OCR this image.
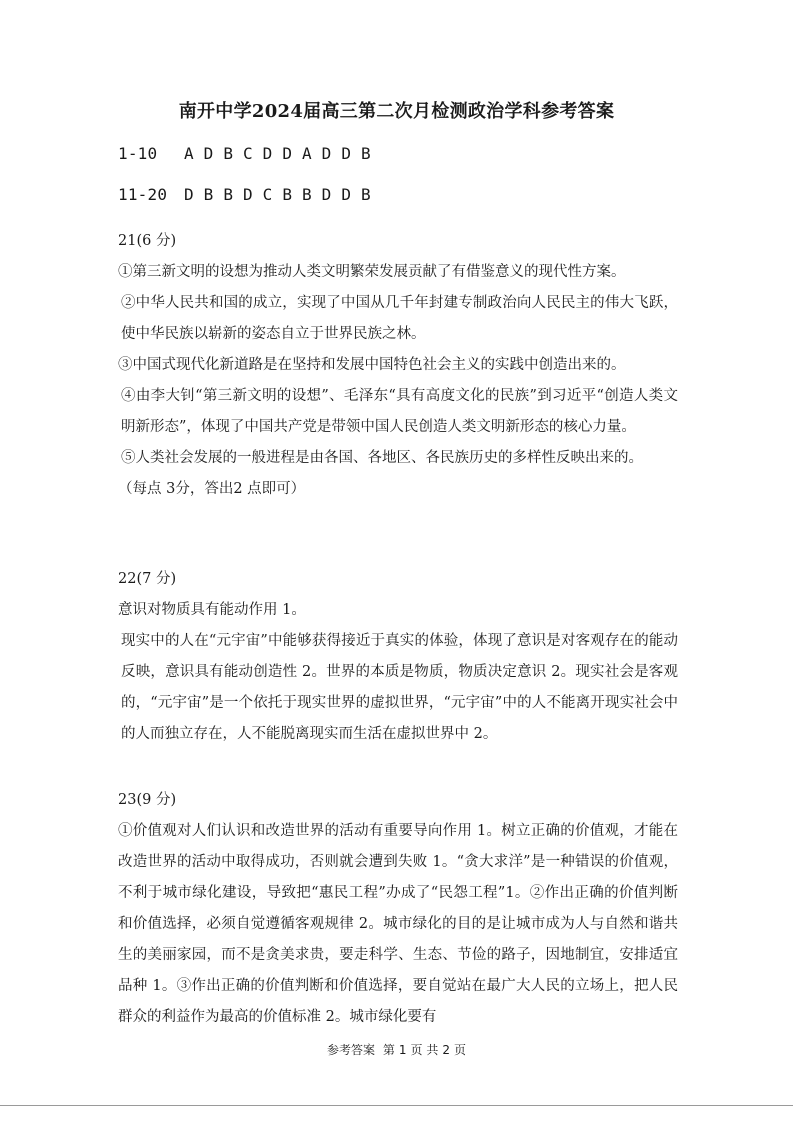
南开中学2024届高三第二次月检测政治学科参考答案
1-10 A D B C D D A D D B
11-20 D B B D C B B D D B

21(6 分)

①第三新文明的设想为推动人类文明繁荣发展贡献了有借鉴意义的现代性方案。

②中华人民共和国的成立，实现了中国从几千年封建专制政治向人民民主的伟大飞跃，使中华民族以崭新的姿态自立于世界民族之林。

③中国式现代化新道路是在坚持和发展中国特色社会主义的实践中创造出来的。

④由李大钊“第三新文明的设想”、毛泽东“具有高度文化的民族”到习近平“创造人类文明新形态”，体现了中国共产党是带领中国人民创造人类文明新形态的核心力量。

⑤人类社会发展的一般进程是由各国、各地区、各民族历史的多样性反映出来的。

（每点 3分，答出2 点即可）

22(7 分)

意识对物质具有能动作用 1。

现实中的人在“元宇宙”中能够获得接近于真实的体验，体现了意识是对客观存在的能动反映，意识具有能动创造性 2。世界的本质是物质，物质决定意识 2。现实社会是客观的，“元宇宙”是一个依托于现实世界的虚拟世界，“元宇宙”中的人不能离开现实社会中的人而独立存在，人不能脱离现实而生活在虚拟世界中 2。

23(9 分)

①价值观对人们认识和改造世界的活动有重要导向作用 1。树立正确的价值观，才能在改造世界的活动中取得成功，否则就会遭到失败 1。“贪大求洋”是一种错误的价值观，不利于城市绿化建设，导致把“惠民工程”办成了“民怨工程”1。②作出正确的价值判断和价值选择，必须自觉遵循客观规律 2。城市绿化的目的是让城市成为人与自然和谐共生的美丽家园，而不是贪美求贵，要走科学、生态、节俭的路子，因地制宜，安排适宜品种 1。③作出正确的价值判断和价值选择，要自觉站在最广大人民的立场上，把人民群众的利益作为最高的价值标准 2。城市绿化要有

参考答案 第 1 页 共 2 页
